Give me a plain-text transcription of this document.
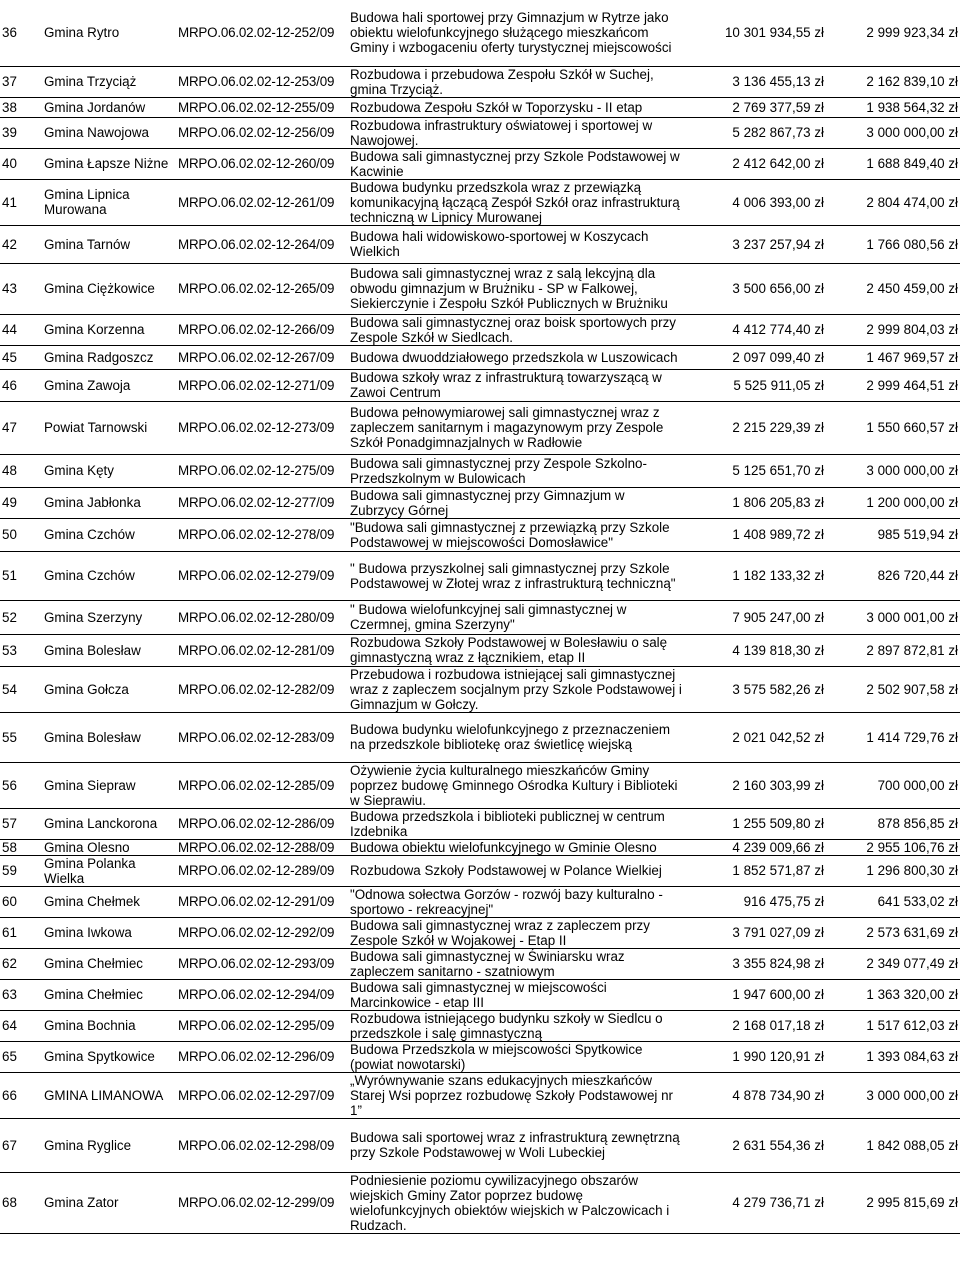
36	Gmina Rytro	MRPO.06.02.02-12-252/09	Budowa hali sportowej przy Gimnazjum w Rytrze jako obiektu wielofunkcyjnego służącego mieszkańcom Gminy i wzbogaceniu oferty turystycznej miejscowości	10 301 934,55 zł	2 999 923,34 zł
37	Gmina Trzyciąż	MRPO.06.02.02-12-253/09	Rozbudowa i przebudowa Zespołu Szkół w Suchej, gmina Trzyciąż.	3 136 455,13 zł	2 162 839,10 zł
38	Gmina Jordanów	MRPO.06.02.02-12-255/09	Rozbudowa Zespołu Szkół w Toporzysku - II etap	2 769 377,59 zł	1 938 564,32 zł
39	Gmina Nawojowa	MRPO.06.02.02-12-256/09	Rozbudowa infrastruktury oświatowej i sportowej w Nawojowej.	5 282 867,73 zł	3 000 000,00 zł
40	Gmina Łapsze Niżne	MRPO.06.02.02-12-260/09	Budowa sali gimnastycznej przy Szkole Podstawowej w Kacwinie	2 412 642,00 zł	1 688 849,40 zł
41	Gmina Lipnica Murowana	MRPO.06.02.02-12-261/09	Budowa budynku przedszkola wraz z przewiązką komunikacyjną łączącą Zespół Szkół oraz infrastrukturą techniczną w Lipnicy Murowanej	4 006 393,00 zł	2 804 474,00 zł
42	Gmina Tarnów	MRPO.06.02.02-12-264/09	Budowa hali widowiskowo-sportowej w Koszycach Wielkich	3 237 257,94 zł	1 766 080,56 zł
43	Gmina Ciężkowice	MRPO.06.02.02-12-265/09	Budowa sali gimnastycznej wraz z salą lekcyjną dla obwodu gimnazjum w Brużniku - SP w Falkowej, Siekierczynie i Zespołu Szkół Publicznych w Brużniku	3 500 656,00 zł	2 450 459,00 zł
44	Gmina Korzenna	MRPO.06.02.02-12-266/09	Budowa sali gimnastycznej oraz boisk sportowych przy Zespole Szkół w Siedlcach.	4 412 774,40 zł	2 999 804,03 zł
45	Gmina Radgoszcz	MRPO.06.02.02-12-267/09	Budowa dwuoddziałowego przedszkola w Luszowicach	2 097 099,40 zł	1 467 969,57 zł
46	Gmina Zawoja	MRPO.06.02.02-12-271/09	Budowa szkoły wraz z infrastrukturą towarzyszącą w Zawoi Centrum	5 525 911,05 zł	2 999 464,51 zł
47	Powiat Tarnowski	MRPO.06.02.02-12-273/09	Budowa pełnowymiarowej sali gimnastycznej wraz z zapleczem sanitarnym i magazynowym przy Zespole Szkół Ponadgimnazjalnych w Radłowie	2 215 229,39 zł	1 550 660,57 zł
48	Gmina Kęty	MRPO.06.02.02-12-275/09	Budowa sali gimnastycznej przy Zespole Szkolno-Przedszkolnym w Bulowicach	5 125 651,70 zł	3 000 000,00 zł
49	Gmina Jabłonka	MRPO.06.02.02-12-277/09	Budowa sali gimnastycznej przy Gimnazjum w Zubrzycy Górnej	1 806 205,83 zł	1 200 000,00 zł
50	Gmina Czchów	MRPO.06.02.02-12-278/09	"Budowa sali gimnastycznej z przewiązką przy Szkole Podstawowej w miejscowości Domosławice"	1 408 989,72 zł	985 519,94 zł
51	Gmina Czchów	MRPO.06.02.02-12-279/09	" Budowa przyszkolnej sali gimnastycznej przy Szkole Podstawowej w Złotej wraz z infrastrukturą techniczną"	1 182 133,32 zł	826 720,44 zł
52	Gmina Szerzyny	MRPO.06.02.02-12-280/09	" Budowa wielofunkcyjnej sali gimnastycznej w Czermnej, gmina Szerzyny"	7 905 247,00 zł	3 000 001,00 zł
53	Gmina Bolesław	MRPO.06.02.02-12-281/09	Rozbudowa Szkoły Podstawowej w Bolesławiu o salę gimnastyczną wraz z łącznikiem, etap II	4 139 818,30 zł	2 897 872,81 zł
54	Gmina Gołcza	MRPO.06.02.02-12-282/09	Przebudowa i rozbudowa istniejącej sali gimnastycznej wraz z zapleczem socjalnym przy Szkole Podstawowej i Gimnazjum w Gołczy.	3 575 582,26 zł	2 502 907,58 zł
55	Gmina Bolesław	MRPO.06.02.02-12-283/09	Budowa budynku wielofunkcyjnego z przeznaczeniem na przedszkole bibliotekę oraz świetlicę wiejską	2 021 042,52 zł	1 414 729,76 zł
56	Gmina Siepraw	MRPO.06.02.02-12-285/09	Ożywienie życia kulturalnego mieszkańców Gminy poprzez budowę Gminnego Ośrodka Kultury i Biblioteki w Sieprawiu.	2 160 303,99 zł	700 000,00 zł
57	Gmina Lanckorona	MRPO.06.02.02-12-286/09	Budowa przedszkola i biblioteki publicznej w centrum Izdebnika	1 255 509,80 zł	878 856,85 zł
58	Gmina Olesno	MRPO.06.02.02-12-288/09	Budowa obiektu wielofunkcyjnego w Gminie Olesno	4 239 009,66 zł	2 955 106,76 zł
59	Gmina Polanka Wielka	MRPO.06.02.02-12-289/09	Rozbudowa Szkoły Podstawowej w Polance Wielkiej	1 852 571,87 zł	1 296 800,30 zł
60	Gmina Chełmek	MRPO.06.02.02-12-291/09	"Odnowa sołectwa Gorzów - rozwój bazy kulturalno - sportowo - rekreacyjnej"	916 475,75 zł	641 533,02 zł
61	Gmina Iwkowa	MRPO.06.02.02-12-292/09	Budowa sali gimnastycznej wraz z zapleczem przy Zespole Szkół w Wojakowej - Etap II	3 791 027,09 zł	2 573 631,69 zł
62	Gmina Chełmiec	MRPO.06.02.02-12-293/09	Budowa sali gimnastycznej w Świniarsku wraz zapleczem sanitarno - szatniowym	3 355 824,98 zł	2 349 077,49 zł
63	Gmina Chełmiec	MRPO.06.02.02-12-294/09	Budowa sali gimnastycznej w miejscowości Marcinkowice - etap III	1 947 600,00 zł	1 363 320,00 zł
64	Gmina Bochnia	MRPO.06.02.02-12-295/09	Rozbudowa istniejącego budynku szkoły w Siedlcu o przedszkole i salę gimnastyczną	2 168 017,18 zł	1 517 612,03 zł
65	Gmina Spytkowice	MRPO.06.02.02-12-296/09	Budowa Przedszkola w miejscowości Spytkowice (powiat nowotarski)	1 990 120,91 zł	1 393 084,63 zł
66	GMINA LIMANOWA	MRPO.06.02.02-12-297/09	„Wyrównywanie szans edukacyjnych mieszkańców Starej Wsi poprzez rozbudowę Szkoły Podstawowej nr 1”	4 878 734,90 zł	3 000 000,00 zł
67	Gmina Ryglice	MRPO.06.02.02-12-298/09	Budowa sali sportowej wraz z infrastrukturą zewnętrzną przy Szkole Podstawowej w Woli Lubeckiej	2 631 554,36 zł	1 842 088,05 zł
68	Gmina Zator	MRPO.06.02.02-12-299/09	Podniesienie poziomu cywilizacyjnego obszarów wiejskich Gminy Zator poprzez budowę wielofunkcyjnych obiektów wiejskich w Palczowicach i Rudzach.	4 279 736,71 zł	2 995 815,69 zł
